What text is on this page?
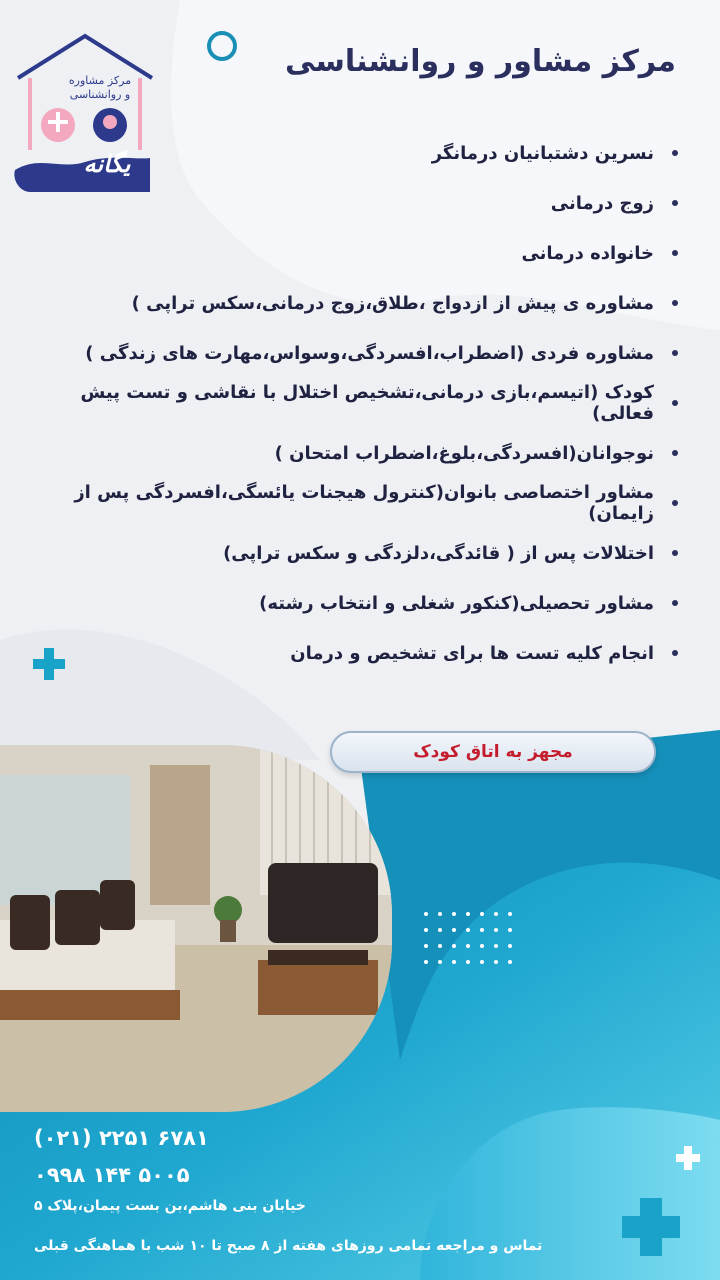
مرکز مشاوره
و روانشناسی
یگانه
مرکز مشاور و روانشناسی
نسرین دشتبانیان درمانگر
زوج درمانی
خانواده درمانی
مشاوره ی پیش از ازدواج ،طلاق،زوج درمانی،سکس تراپی )
مشاوره فردی (اضطراب،افسردگی،وسواس،مهارت های زندگی )
کودک (اتیسم،بازی درمانی،تشخیص اختلال با نقاشی و تست پیش فعالی)
نوجوانان(افسردگی،بلوغ،اضطراب امتحان )
مشاور اختصاصی بانوان(کنترول هیجنات یائسگی،افسردگی پس از زایمان)
اختلالات پس از ( قائدگی،دلزدگی و سکس تراپی)
مشاور تحصیلی(کنکور شغلی و انتخاب رشته)
انجام کلیه تست ها برای تشخیص و درمان
مجهز به اتاق کودک
(۰۲۱) ۲۲۵۱ ۶۷۸۱
۰۹۹۸ ۱۴۴ ۵۰۰۵
خیابان بنی هاشم،بن بست پیمان،پلاک ۵
تماس و مراجعه تمامی روزهای هفته از ۸ صبح تا ۱۰ شب با هماهنگی قبلی
